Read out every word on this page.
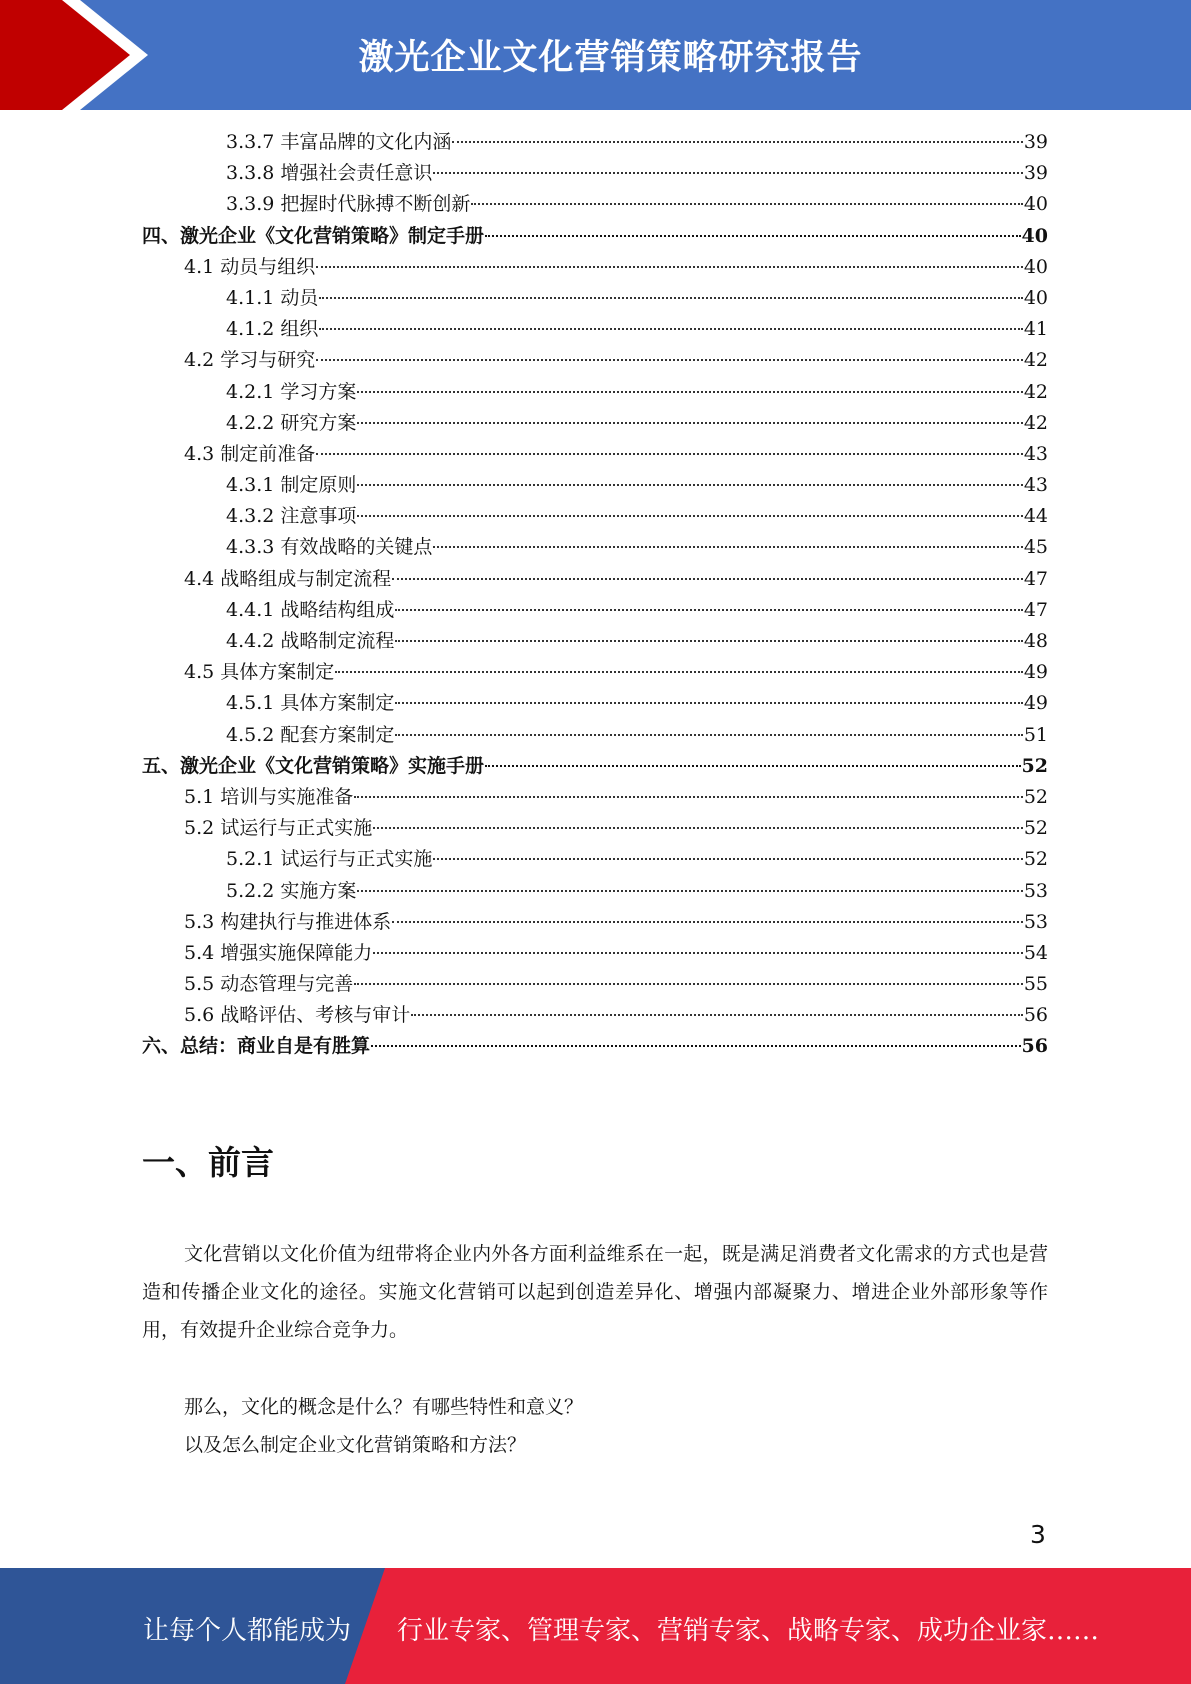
激光企业文化营销策略研究报告
3.3.7 丰富品牌的文化内涵	39
3.3.8 增强社会责任意识	39
3.3.9 把握时代脉搏不断创新	40
四、激光企业《文化营销策略》制定手册	40
4.1 动员与组织	40
4.1.1 动员	40
4.1.2 组织	41
4.2 学习与研究	42
4.2.1 学习方案	42
4.2.2 研究方案	42
4.3 制定前准备	43
4.3.1 制定原则	43
4.3.2 注意事项	44
4.3.3 有效战略的关键点	45
4.4 战略组成与制定流程	47
4.4.1 战略结构组成	47
4.4.2 战略制定流程	48
4.5 具体方案制定	49
4.5.1 具体方案制定	49
4.5.2 配套方案制定	51
五、激光企业《文化营销策略》实施手册	52
5.1 培训与实施准备	52
5.2 试运行与正式实施	52
5.2.1 试运行与正式实施	52
5.2.2 实施方案	53
5.3 构建执行与推进体系	53
5.4 增强实施保障能力	54
5.5 动态管理与完善	55
5.6 战略评估、考核与审计	56
六、总结：商业自是有胜算	56
一、前言

文化营销以文化价值为纽带将企业内外各方面利益维系在一起，既是满足消费者文化需求的方式也是营造和传播企业文化的途径。实施文化营销可以起到创造差异化、增强内部凝聚力、增进企业外部形象等作用，有效提升企业综合竞争力。

那么，文化的概念是什么？有哪些特性和意义？

以及怎么制定企业文化营销策略和方法？

3
让每个人都能成为 行业专家、管理专家、营销专家、战略专家、成功企业家……
